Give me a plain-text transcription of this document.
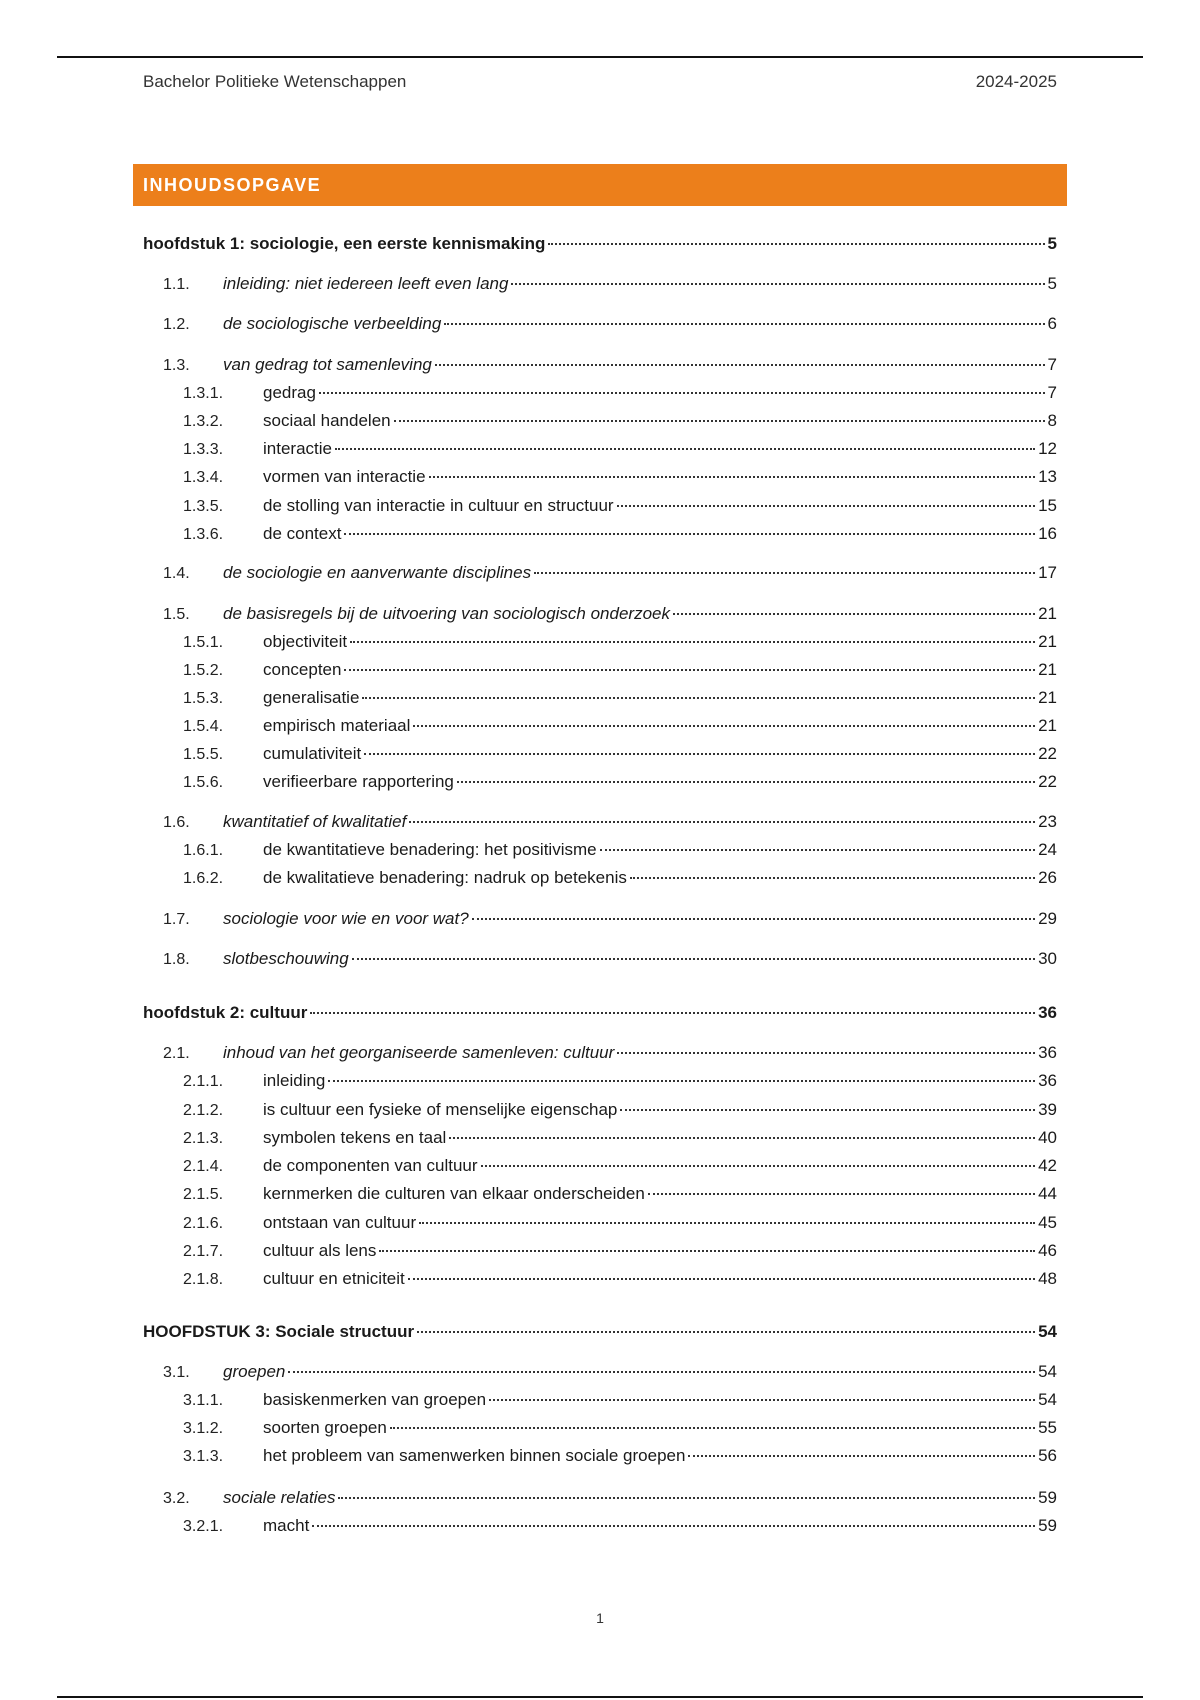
Bachelor Politieke Wetenschappen	2024-2025
INHOUDSOPGAVE
hoofdstuk 1: sociologie, een eerste kennismaking	5
1.1.	inleiding: niet iedereen leeft even lang	5
1.2.	de sociologische verbeelding	6
1.3.	van gedrag tot samenleving	7
1.3.1.	gedrag	7
1.3.2.	sociaal handelen	8
1.3.3.	interactie	12
1.3.4.	vormen van interactie	13
1.3.5.	de stolling van interactie in cultuur en structuur	15
1.3.6.	de context	16
1.4.	de sociologie en aanverwante disciplines	17
1.5.	de basisregels bij de uitvoering van sociologisch onderzoek	21
1.5.1.	objectiviteit	21
1.5.2.	concepten	21
1.5.3.	generalisatie	21
1.5.4.	empirisch materiaal	21
1.5.5.	cumulativiteit	22
1.5.6.	verifieerbare rapportering	22
1.6.	kwantitatief of kwalitatief	23
1.6.1.	de kwantitatieve benadering: het positivisme	24
1.6.2.	de kwalitatieve benadering: nadruk op betekenis	26
1.7.	sociologie voor wie en voor wat?	29
1.8.	slotbeschouwing	30
hoofdstuk 2: cultuur	36
2.1.	inhoud van het georganiseerde samenleven: cultuur	36
2.1.1.	inleiding	36
2.1.2.	is cultuur een fysieke of menselijke eigenschap	39
2.1.3.	symbolen tekens en taal	40
2.1.4.	de componenten van cultuur	42
2.1.5.	kernmerken die culturen van elkaar onderscheiden	44
2.1.6.	ontstaan van cultuur	45
2.1.7.	cultuur als lens	46
2.1.8.	cultuur en etniciteit	48
HOOFDSTUK 3: Sociale structuur	54
3.1.	groepen	54
3.1.1.	basiskenmerken van groepen	54
3.1.2.	soorten groepen	55
3.1.3.	het probleem van samenwerken binnen sociale groepen	56
3.2.	sociale relaties	59
3.2.1.	macht	59
1
